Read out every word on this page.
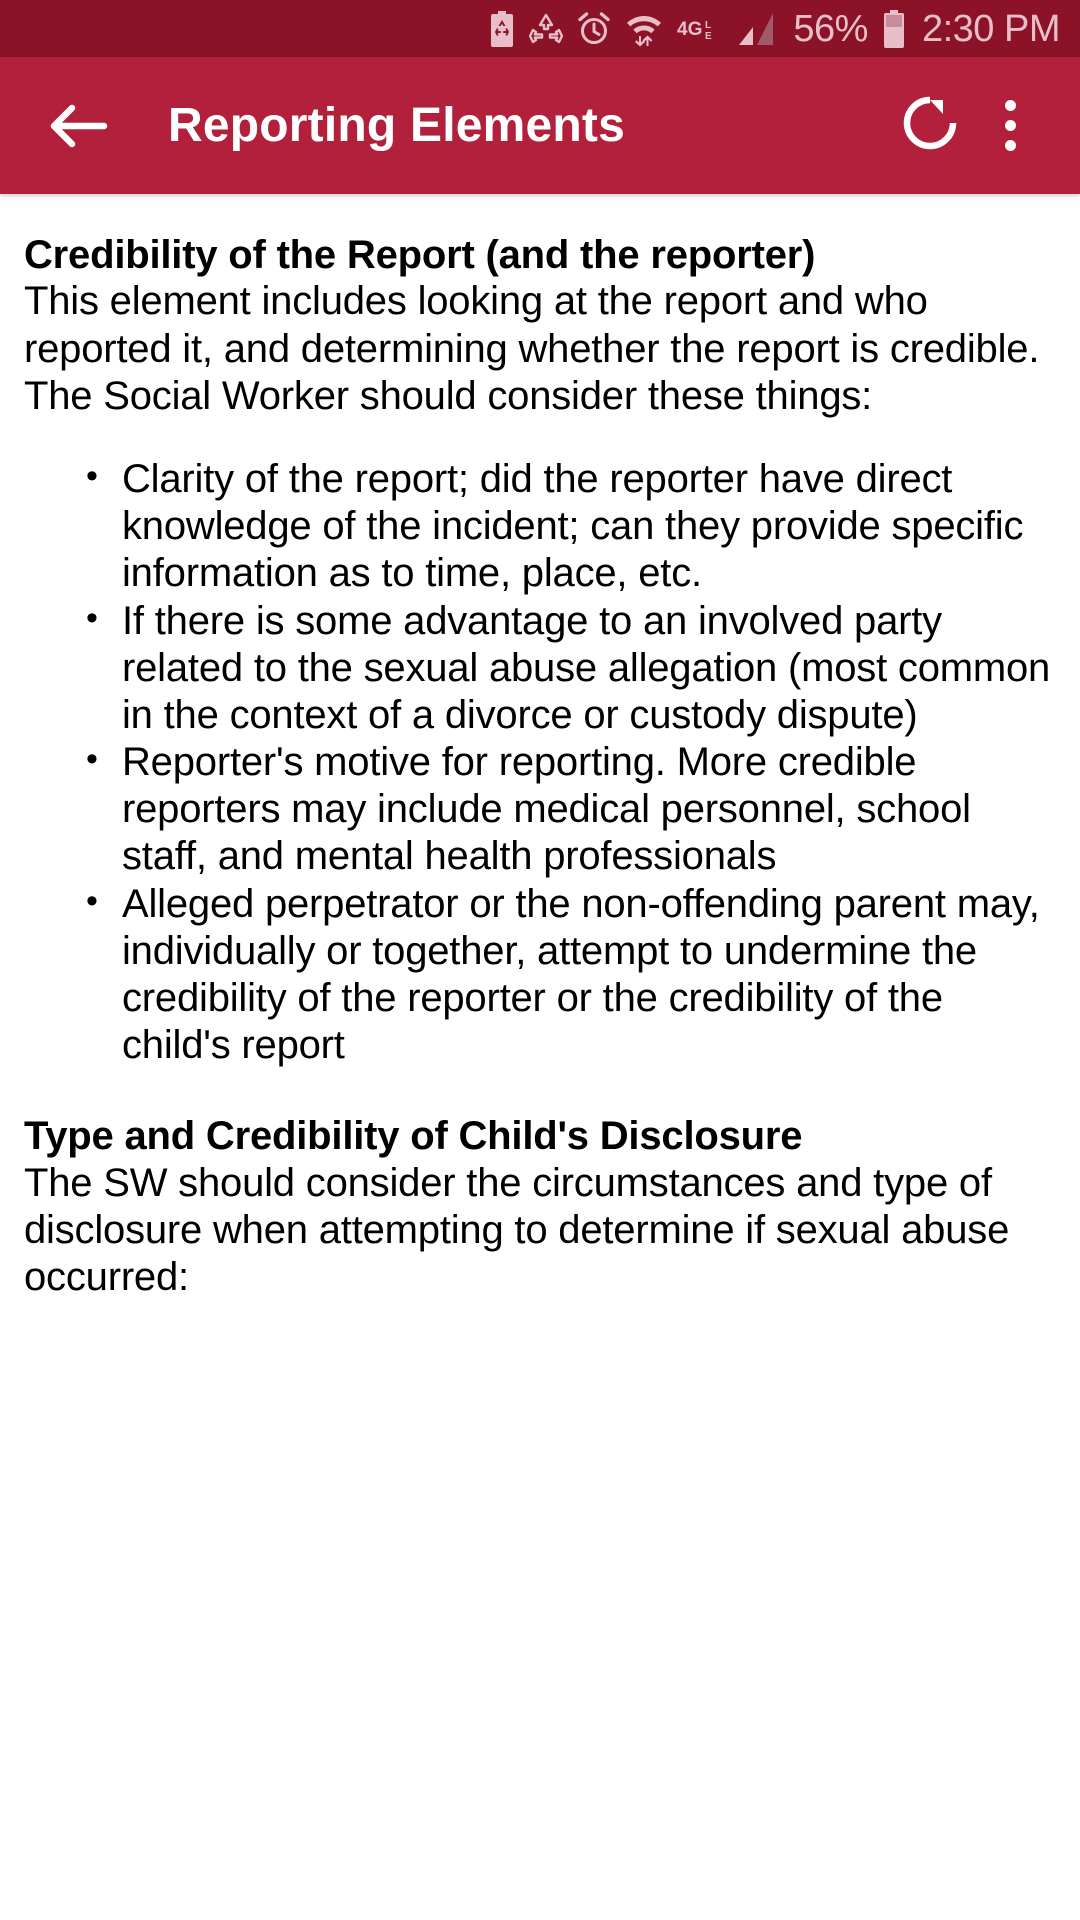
4G L
E 56% 2:30 PM
Reporting Elements
Credibility of the Report (and the reporter)
This element includes looking at the report and who reported it, and determining whether the report is credible. The Social Worker should consider these things:
• Clarity of the report; did the reporter have direct knowledge of the incident; can they provide specific information as to time, place, etc.
• If there is some advantage to an involved party related to the sexual abuse allegation (most common in the context of a divorce or custody dispute)
• Reporter's motive for reporting. More credible reporters may include medical personnel, school staff, and mental health professionals
• Alleged perpetrator or the non-offending parent may, individually or together, attempt to undermine the credibility of the reporter or the credibility of the child's report
Type and Credibility of Child's Disclosure
The SW should consider the circumstances and type of disclosure when attempting to determine if sexual abuse occurred:
